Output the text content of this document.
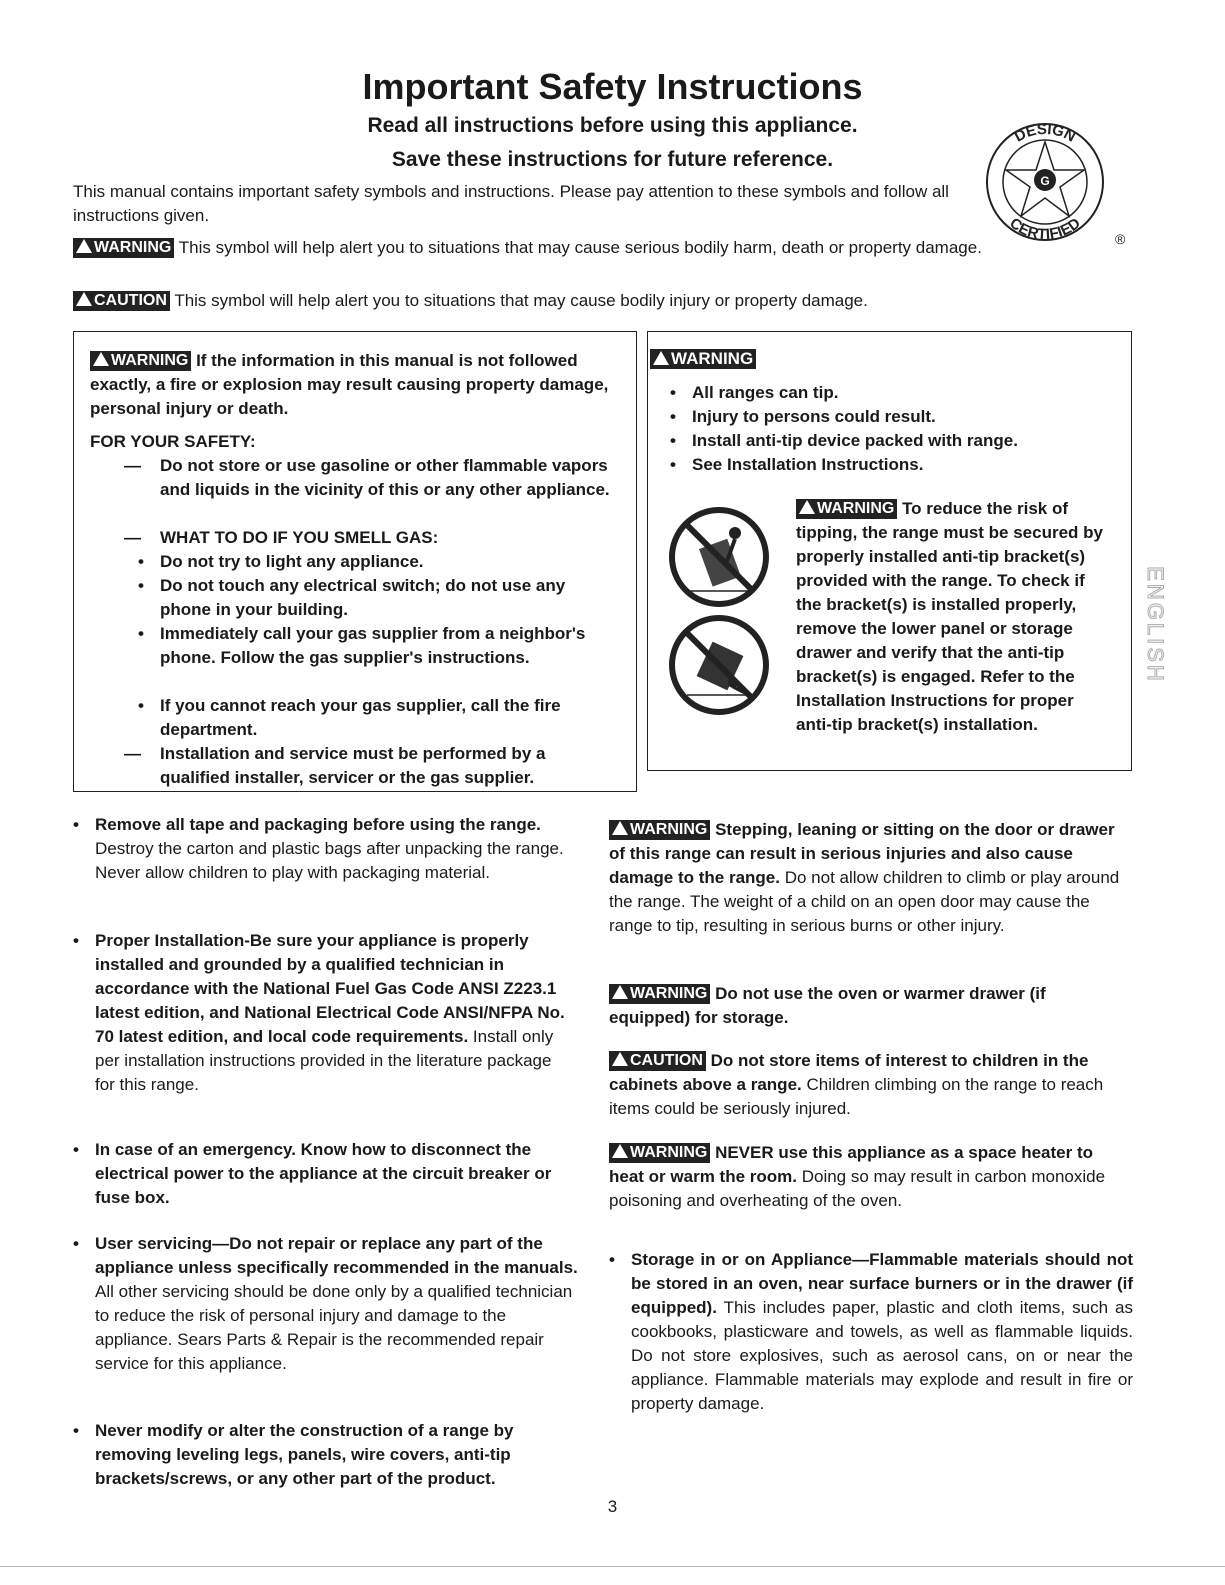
Important Safety Instructions
Read all instructions before using this appliance.
Save these instructions for future reference.
G
DESIGN
CERTIFIED
®
This manual contains important safety symbols and instructions. Please pay attention to these symbols and follow all instructions given.
WARNING This symbol will help alert you to situations that may cause serious bodily harm, death or property damage.
CAUTION This symbol will help alert you to situations that may cause bodily injury or property damage.
WARNING If the information in this manual is not followed exactly, a fire or explosion may result causing property damage, personal injury or death.
FOR YOUR SAFETY:
— Do not store or use gasoline or other flammable vapors and liquids in the vicinity of this or any other appliance.
— WHAT TO DO IF YOU SMELL GAS:
• Do not try to light any appliance.
• Do not touch any electrical switch; do not use any phone in your building.
• Immediately call your gas supplier from a neighbor's phone. Follow the gas supplier's instructions.
• If you cannot reach your gas supplier, call the fire department.
— Installation and service must be performed by a qualified installer, servicer or the gas supplier.
WARNING
• All ranges can tip.
• Injury to persons could result.
• Install anti-tip device packed with range.
• See Installation Instructions.
WARNING To reduce the risk of tipping, the range must be secured by properly installed anti-tip bracket(s) provided with the range. To check if the bracket(s) is installed properly, remove the lower panel or storage drawer and verify that the anti-tip bracket(s) is engaged. Refer to the Installation Instructions for proper anti-tip bracket(s) installation.
• Remove all tape and packaging before using the range. Destroy the carton and plastic bags after unpacking the range. Never allow children to play with packaging material.
• Proper Installation-Be sure your appliance is properly installed and grounded by a qualified technician in accordance with the National Fuel Gas Code ANSI Z223.1 latest edition, and National Electrical Code ANSI/NFPA No. 70 latest edition, and local code requirements. Install only per installation instructions provided in the literature package for this range.
• In case of an emergency. Know how to disconnect the electrical power to the appliance at the circuit breaker or fuse box.
• User servicing—Do not repair or replace any part of the appliance unless specifically recommended in the manuals. All other servicing should be done only by a qualified technician to reduce the risk of personal injury and damage to the appliance. Sears Parts & Repair is the recommended repair service for this appliance.
• Never modify or alter the construction of a range by removing leveling legs, panels, wire covers, anti-tip brackets/screws, or any other part of the product.
WARNING Stepping, leaning or sitting on the door or drawer of this range can result in serious injuries and also cause damage to the range. Do not allow children to climb or play around the range. The weight of a child on an open door may cause the range to tip, resulting in serious burns or other injury.
WARNING Do not use the oven or warmer drawer (if equipped) for storage.
CAUTION Do not store items of interest to children in the cabinets above a range. Children climbing on the range to reach items could be seriously injured.
WARNING NEVER use this appliance as a space heater to heat or warm the room. Doing so may result in carbon monoxide poisoning and overheating of the oven.
• Storage in or on Appliance—Flammable materials should not be stored in an oven, near surface burners or in the drawer (if equipped). This includes paper, plastic and cloth items, such as cookbooks, plasticware and towels, as well as flammable liquids. Do not store explosives, such as aerosol cans, on or near the appliance. Flammable materials may explode and result in fire or property damage.
ENGLISH
3
